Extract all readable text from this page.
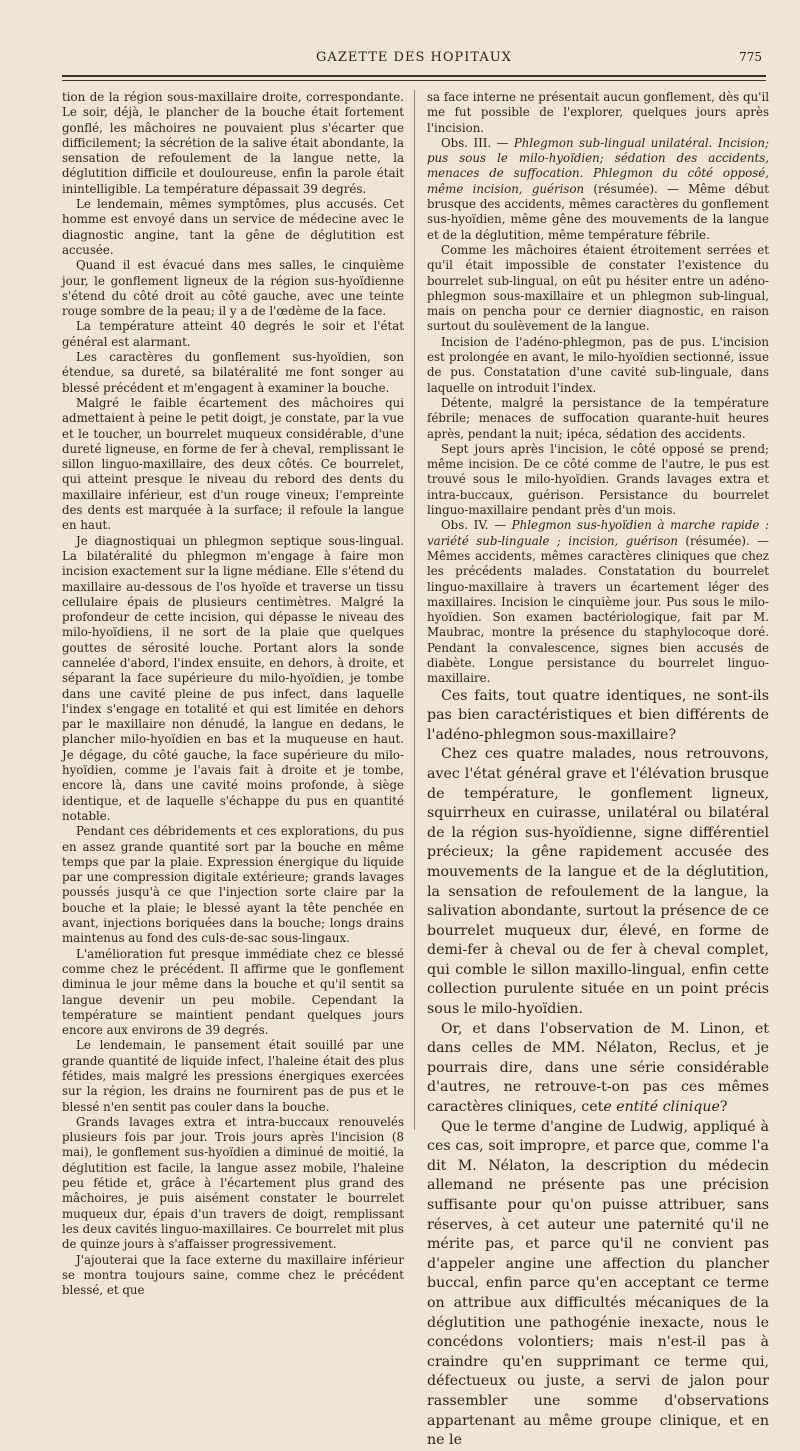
GAZETTE DES HOPITAUX	775

tion de la région sous-maxillaire droite, correspondante. Le soir, déjà, le plancher de la bouche était fortement gonflé, les mâchoires ne pouvaient plus s'écarter que difficilement; la sécrétion de la salive était abondante, la sensation de refoulement de la langue nette, la déglutition difficile et douloureuse, enfin la parole était inintelligible. La température dépassait 39 degrés.

Le lendemain, mêmes symptômes, plus accusés. Cet homme est envoyé dans un service de médecine avec le diagnostic angine, tant la gêne de déglutition est accusée.

Quand il est évacué dans mes salles, le cinquième jour, le gonflement ligneux de la région sus-hyoïdienne s'étend du côté droit au côté gauche, avec une teinte rouge sombre de la peau; il y a de l'œdème de la face.

La température atteint 40 degrés le soir et l'état général est alarmant.

Les caractères du gonflement sus-hyoïdien, son étendue, sa dureté, sa bilatéralité me font songer au blessé précédent et m'engagent à examiner la bouche.

Malgré le faible écartement des mâchoires qui admettaient à peine le petit doigt, je constate, par la vue et le toucher, un bourrelet muqueux considérable, d'une dureté ligneuse, en forme de fer à cheval, remplissant le sillon linguo-maxillaire, des deux côtés. Ce bourrelet, qui atteint presque le niveau du rebord des dents du maxillaire inférieur, est d'un rouge vineux; l'empreinte des dents est marquée à la surface; il refoule la langue en haut.

Je diagnostiquai un phlegmon septique sous-lingual. La bilatéralité du phlegmon m'engage à faire mon incision exactement sur la ligne médiane. Elle s'étend du maxillaire au-dessous de l'os hyoïde et traverse un tissu cellulaire épais de plusieurs centimètres. Malgré la profondeur de cette incision, qui dépasse le niveau des milo-hyoïdiens, il ne sort de la plaie que quelques gouttes de sérosité louche. Portant alors la sonde cannelée d'abord, l'index ensuite, en dehors, à droite, et séparant la face supérieure du milo-hyoïdien, je tombe dans une cavité pleine de pus infect, dans laquelle l'index s'engage en totalité et qui est limitée en dehors par le maxillaire non dénudé, la langue en dedans, le plancher milo-hyoïdien en bas et la muqueuse en haut. Je dégage, du côté gauche, la face supérieure du milo-hyoïdien, comme je l'avais fait à droite et je tombe, encore là, dans une cavité moins profonde, à siège identique, et de laquelle s'échappe du pus en quantité notable.

Pendant ces débridements et ces explorations, du pus en assez grande quantité sort par la bouche en même temps que par la plaie. Expression énergique du liquide par une compression digitale extérieure; grands lavages poussés jusqu'à ce que l'injection sorte claire par la bouche et la plaie; le blessé ayant la tête penchée en avant, injections boriquées dans la bouche; longs drains maintenus au fond des culs-de-sac sous-lingaux.

L'amélioration fut presque immédiate chez ce blessé comme chez le précédent. Il affirme que le gonflement diminua le jour même dans la bouche et qu'il sentit sa langue devenir un peu mobile. Cependant la température se maintient pendant quelques jours encore aux environs de 39 degrés.

Le lendemain, le pansement était souillé par une grande quantité de liquide infect, l'haleine était des plus fétides, mais malgré les pressions énergiques exercées sur la région, les drains ne fournirent pas de pus et le blessé n'en sentit pas couler dans la bouche.

Grands lavages extra et intra-buccaux renouvelés plusieurs fois par jour. Trois jours après l'incision (8 mai), le gonflement sus-hyoïdien a diminué de moitié, la déglutition est facile, la langue assez mobile, l'haleine peu fétide et, grâce à l'écartement plus grand des mâchoires, je puis aisément constater le bourrelet muqueux dur, épais d'un travers de doigt, remplissant les deux cavités linguo-maxillaires. Ce bourrelet mit plus de quinze jours à s'affaisser progressivement.

J'ajouterai que la face externe du maxillaire inférieur se montra toujours saine, comme chez le précédent blessé, et que

sa face interne ne présentait aucun gonflement, dès qu'il me fut possible de l'explorer, quelques jours après l'incision.

Obs. III. — Phlegmon sub-lingual unilatéral. Incision; pus sous le milo-hyoïdien; sédation des accidents, menaces de suffocation. Phlegmon du côté opposé, même incision, guérison (résumée). — Même début brusque des accidents, mêmes caractères du gonflement sus-hyoïdien, même gêne des mouvements de la langue et de la déglutition, même température fébrile.

Comme les mâchoires étaient étroitement serrées et qu'il était impossible de constater l'existence du bourrelet sub-lingual, on eût pu hésiter entre un adéno-phlegmon sous-maxillaire et un phlegmon sub-lingual, mais on pencha pour ce dernier diagnostic, en raison surtout du soulèvement de la langue.

Incision de l'adéno-phlegmon, pas de pus. L'incision est prolongée en avant, le milo-hyoïdien sectionné, issue de pus. Constatation d'une cavité sub-linguale, dans laquelle on introduit l'index.

Détente, malgré la persistance de la température fébrile; menaces de suffocation quarante-huit heures après, pendant la nuit; ipéca, sédation des accidents.

Sept jours après l'incision, le côté opposé se prend; même incision. De ce côté comme de l'autre, le pus est trouvé sous le milo-hyoïdien. Grands lavages extra et intra-buccaux, guérison. Persistance du bourrelet linguo-maxillaire pendant près d'un mois.

Obs. IV. — Phlegmon sus-hyoïdien à marche rapide : variété sub-linguale ; incision, guérison (résumée). — Mêmes accidents, mêmes caractères cliniques que chez les précédents malades. Constatation du bourrelet linguo-maxillaire à travers un écartement léger des maxillaires. Incision le cinquième jour. Pus sous le milo-hyoïdien. Son examen bactériologique, fait par M. Maubrac, montre la présence du staphylocoque doré. Pendant la convalescence, signes bien accusés de diabète. Longue persistance du bourrelet linguo-maxillaire.

Ces faits, tout quatre identiques, ne sont-ils pas bien caractéristiques et bien différents de l'adéno-phlegmon sous-maxillaire?

Chez ces quatre malades, nous retrouvons, avec l'état général grave et l'élévation brusque de température, le gonflement ligneux, squirrheux en cuirasse, unilatéral ou bilatéral de la région sus-hyoïdienne, signe différentiel précieux; la gêne rapidement accusée des mouvements de la langue et de la déglutition, la sensation de refoulement de la langue, la salivation abondante, surtout la présence de ce bourrelet muqueux dur, élevé, en forme de demi-fer à cheval ou de fer à cheval complet, qui comble le sillon maxillo-lingual, enfin cette collection purulente située en un point précis sous le milo-hyoïdien.

Or, et dans l'observation de M. Linon, et dans celles de MM. Nélaton, Reclus, et je pourrais dire, dans une série considérable d'autres, ne retrouve-t-on pas ces mêmes caractères cliniques, cete entité clinique?

Que le terme d'angine de Ludwig, appliqué à ces cas, soit impropre, et parce que, comme l'a dit M. Nélaton, la description du médecin allemand ne présente pas une précision suffisante pour qu'on puisse attribuer, sans réserves, à cet auteur une paternité qu'il ne mérite pas, et parce qu'il ne convient pas d'appeler angine une affection du plancher buccal, enfin parce qu'en acceptant ce terme on attribue aux difficultés mécaniques de la déglutition une pathogénie inexacte, nous le concédons volontiers; mais n'est-il pas à craindre qu'en supprimant ce terme qui, défectueux ou juste, a servi de jalon pour rassembler une somme d'observations appartenant au même groupe clinique, et en ne le
